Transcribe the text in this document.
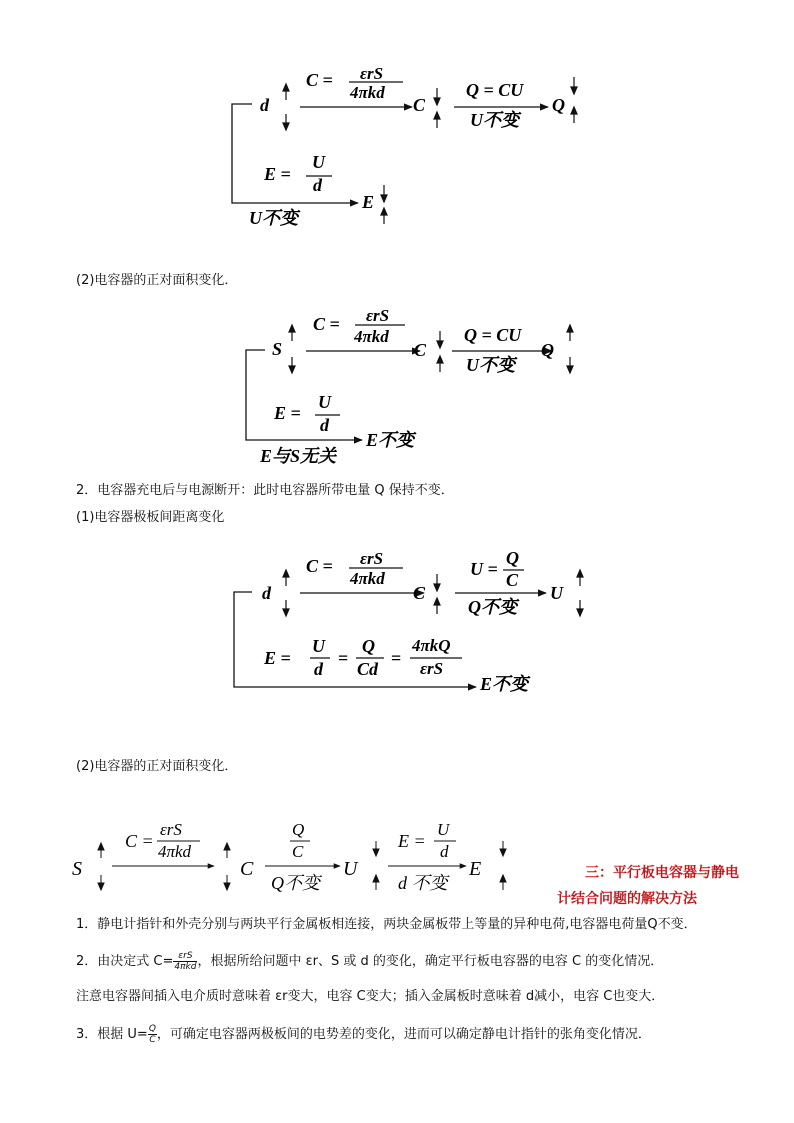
d
C = εrS
4πkd
C
Q = CU
U不变
Q
E =
U
d
U不变
E
(2)电容器的正对面积变化．
S
C = εrS
4πkd
C
Q = CU
U不变
Q
E =
U
d
E与S无关
E不变
2．电容器充电后与电源断开：此时电容器所带电量 Q 保持不变．
(1)电容器极板间距离变化
d
C = εrS
4πkd
C
U =
Q
C
Q不变
U
E =
U
d
=
Q
Cd
=
4πkQ
εrS
E不变
(2)电容器的正对面积变化．
S
C =
εrS
4πkd
C
Q
C
Q不变
U
E =
U
d
d 不变
E	三：平行板电容器与静电
计结合问题的解决方法
1．静电计指针和外壳分别与两块平行金属板相连接，两块金属板带上等量的异种电荷,电容器电荷量Q不变．
2．由决定式 $C= \frac{\text{εrS}}{\text{4πkd}}$ ，根据所给问题中 εr、S 或 d 的变化，确定平行板电容器的电容 C 的变化情况．
注意电容器间插入电介质时意味着 εr变大，电容 C变大；插入金属板时意味着 d减小，电容 C也变大．
3．根据 $U= \frac{Q}{C}$ ，可确定电容器两极板间的电势差的变化，进而可以确定静电计指针的张角变化情况．
